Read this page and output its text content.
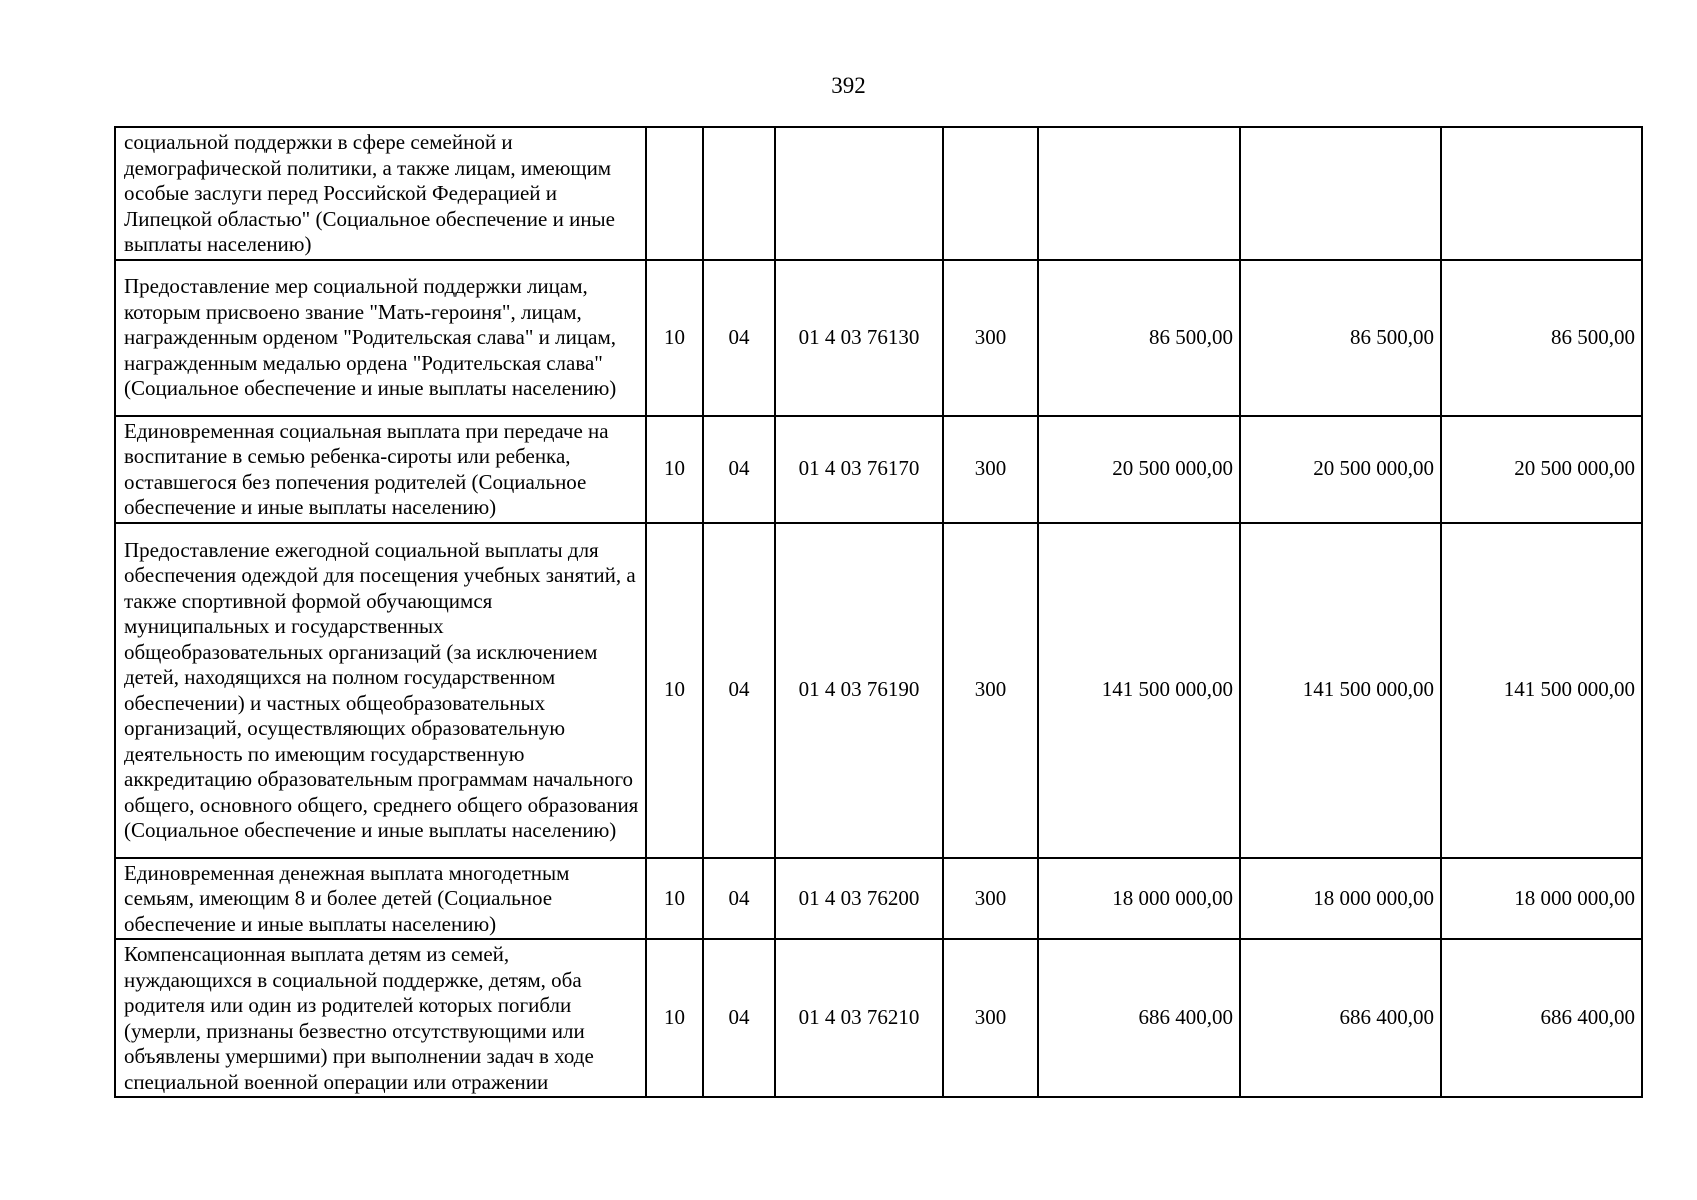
392
социальной поддержки в сфере семейной и демографической политики, а также лицам, имеющим особые заслуги перед Российской Федерацией и Липецкой областью" (Социальное обеспечение и иные выплаты населению)							
Предоставление мер социальной поддержки лицам, которым присвоено звание "Мать-героиня", лицам, награжденным орденом "Родительская слава" и лицам, награжденным медалью ордена "Родительская слава" (Социальное обеспечение и иные выплаты населению)	10	04	01 4 03 76130	300	86 500,00	86 500,00	86 500,00
Единовременная социальная выплата при передаче на воспитание в семью ребенка-сироты или ребенка, оставшегося без попечения родителей (Социальное обеспечение и иные выплаты населению)	10	04	01 4 03 76170	300	20 500 000,00	20 500 000,00	20 500 000,00
Предоставление ежегодной социальной выплаты для обеспечения одеждой для посещения учебных занятий, а также спортивной формой обучающимся муниципальных и государственных общеобразовательных организаций (за исключением детей, находящихся на полном государственном обеспечении) и частных общеобразовательных организаций, осуществляющих образовательную деятельность по имеющим государственную аккредитацию образовательным программам начального общего, основного общего, среднего общего образования (Социальное обеспечение и иные выплаты населению)	10	04	01 4 03 76190	300	141 500 000,00	141 500 000,00	141 500 000,00
Единовременная денежная выплата многодетным семьям, имеющим 8 и более детей (Социальное обеспечение и иные выплаты населению)	10	04	01 4 03 76200	300	18 000 000,00	18 000 000,00	18 000 000,00
Компенсационная выплата детям из семей, нуждающихся в социальной поддержке, детям, оба родителя или один из родителей которых погибли (умерли, признаны безвестно отсутствующими или объявлены умершими) при выполнении задач в ходе специальной военной операции или отражении	10	04	01 4 03 76210	300	686 400,00	686 400,00	686 400,00
